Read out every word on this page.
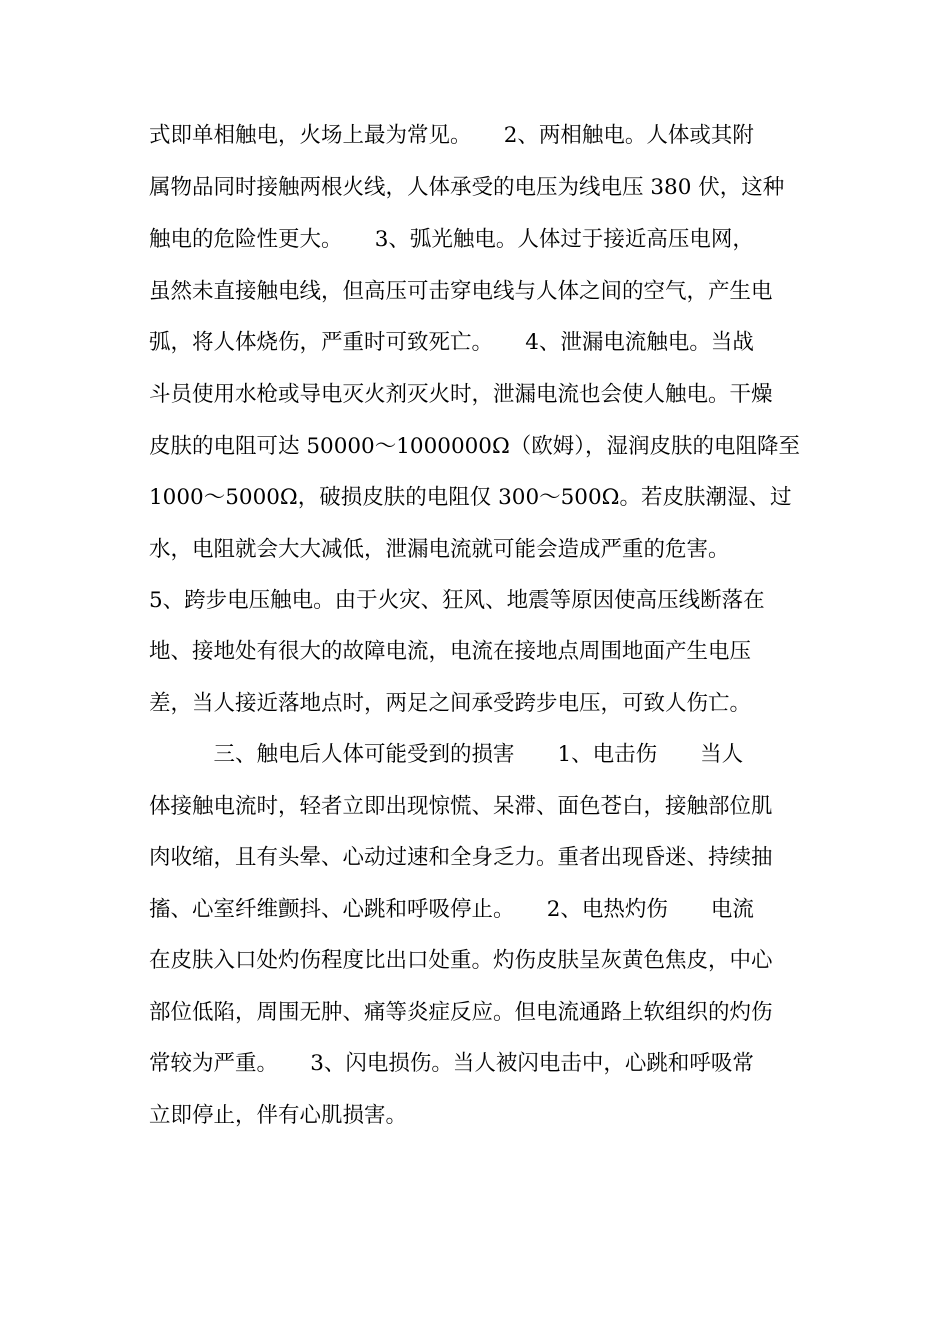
式即单相触电，火场上最为常见。　　2、两相触电。人体或其附
属物品同时接触两根火线，人体承受的电压为线电压 380 伏，这种
触电的危险性更大。　　3、弧光触电。人体过于接近高压电网，
虽然未直接触电线，但高压可击穿电线与人体之间的空气，产生电
弧，将人体烧伤，严重时可致死亡。　　4、泄漏电流触电。当战
斗员使用水枪或导电灭火剂灭火时，泄漏电流也会使人触电。干燥
皮肤的电阻可达 50000～1000000Ω（欧姆），湿润皮肤的电阻降至
1000～5000Ω，破损皮肤的电阻仅 300～500Ω。若皮肤潮湿、过
水，电阻就会大大减低，泄漏电流就可能会造成严重的危害。
5、跨步电压触电。由于火灾、狂风、地震等原因使高压线断落在
地、接地处有很大的故障电流，电流在接地点周围地面产生电压
差，当人接近落地点时，两足之间承受跨步电压，可致人伤亡。
　　　三、触电后人体可能受到的损害　　1、电击伤　　当人
体接触电流时，轻者立即出现惊慌、呆滞、面色苍白，接触部位肌
肉收缩，且有头晕、心动过速和全身乏力。重者出现昏迷、持续抽
搐、心室纤维颤抖、心跳和呼吸停止。　　2、电热灼伤　　电流
在皮肤入口处灼伤程度比出口处重。灼伤皮肤呈灰黄色焦皮，中心
部位低陷，周围无肿、痛等炎症反应。但电流通路上软组织的灼伤
常较为严重。　　3、闪电损伤。当人被闪电击中，心跳和呼吸常
立即停止，伴有心肌损害。
